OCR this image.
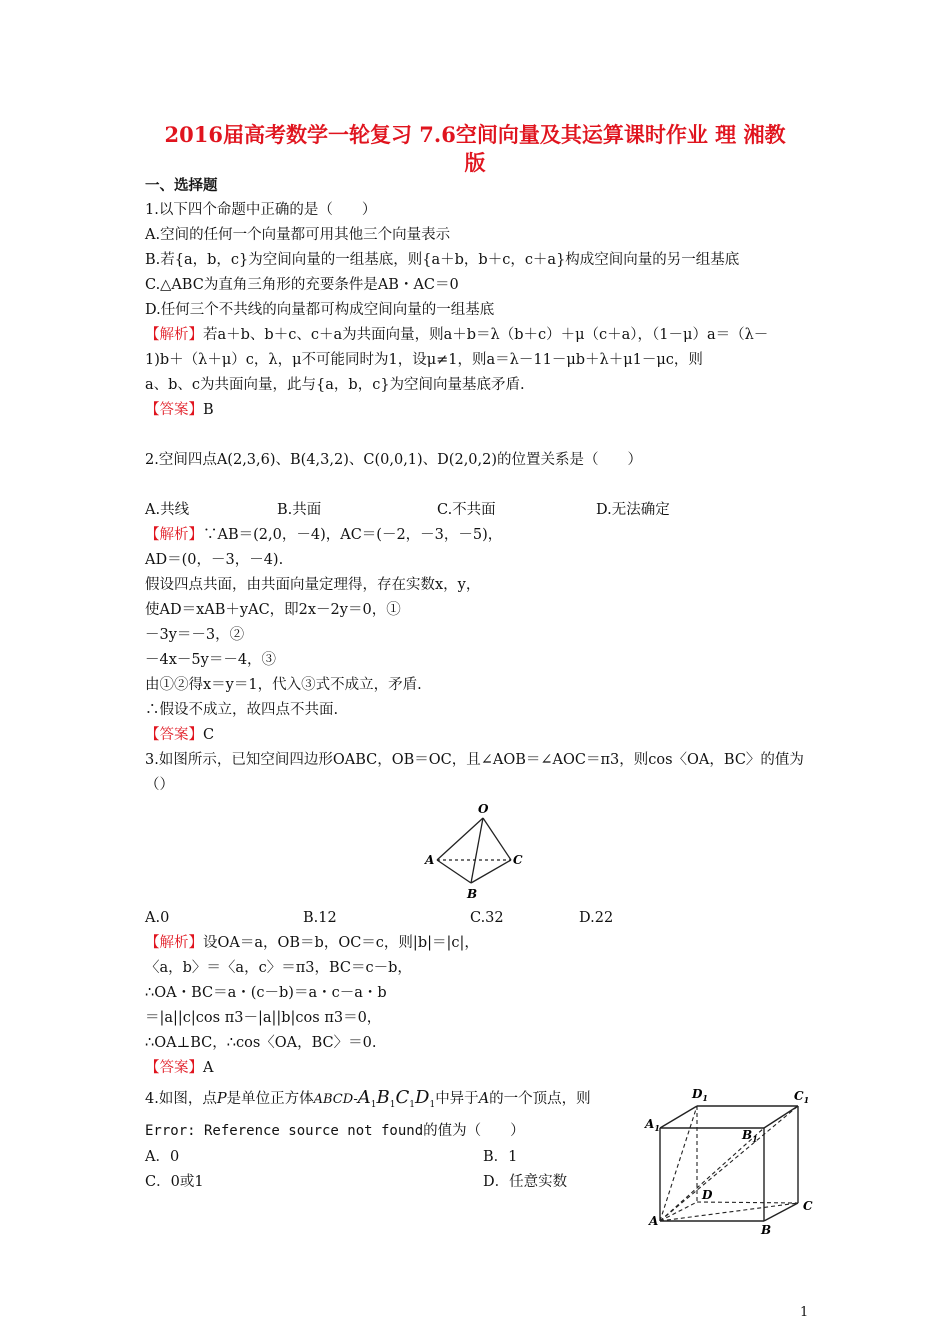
2016届高考数学一轮复习 7.6空间向量及其运算课时作业 理 湘教
版
一、选择题
1.以下四个命题中正确的是（　　）
A.空间的任何一个向量都可用其他三个向量表示
B.若{a，b，c}为空间向量的一组基底，则{a＋b，b＋c，c＋a}构成空间向量的另一组基底
C.△ABC为直角三角形的充要条件是AB・AC＝0
D.任何三个不共线的向量都可构成空间向量的一组基底
【解析】若a＋b、b＋c、c＋a为共面向量，则a＋b＝λ（b＋c）＋μ（c＋a），（1－μ）a＝（λ－
1)b＋（λ＋μ）c，λ，μ不可能同时为1，设μ≠1，则a＝λ－11－μb＋λ＋μ1－μc，则
a、b、c为共面向量，此与{a，b，c}为空间向量基底矛盾.
【答案】B
2.空间四点A(2,3,6)、B(4,3,2)、C(0,0,1)、D(2,0,2)的位置关系是（　　）
A.共线	B.共面	C.不共面	D.无法确定
【解析】∵AB＝(2,0，－4)，AC＝(－2，－3，－5)，
AD＝(0，－3，－4).
假设四点共面，由共面向量定理得，存在实数x，y，
使AD＝xAB＋yAC，即2x－2y＝0，①
－3y＝－3，②
－4x－5y＝－4，③
由①②得x＝y＝1，代入③式不成立，矛盾.
∴假设不成立，故四点不共面.
【答案】C
3.如图所示，已知空间四边形OABC，OB＝OC，且∠AOB＝∠AOC＝π3，则cos〈OA，BC〉的值为
（）
O
A	C
B
A.0	B.12	C.32	D.22
【解析】设OA＝a，OB＝b，OC＝c，则|b|＝|c|，
〈a，b〉＝〈a，c〉＝π3，BC＝c－b，
∴OA・BC＝a・(c－b)＝a・c－a・b
＝|a||c|cos π3－|a||b|cos π3＝0，
∴OA⊥BC，∴cos〈OA，BC〉＝0.
【答案】A
4.如图，点P是单位正方体ABCD-$A_1B_1C_1D_1$中异于A的一个顶点，则
Error: Reference source not found的值为（　　）
A．0	B．1
C．0或1	D．任意实数
$D_1$	$C_1$
$A_1$	$B_1$
D
C
A
B
1
